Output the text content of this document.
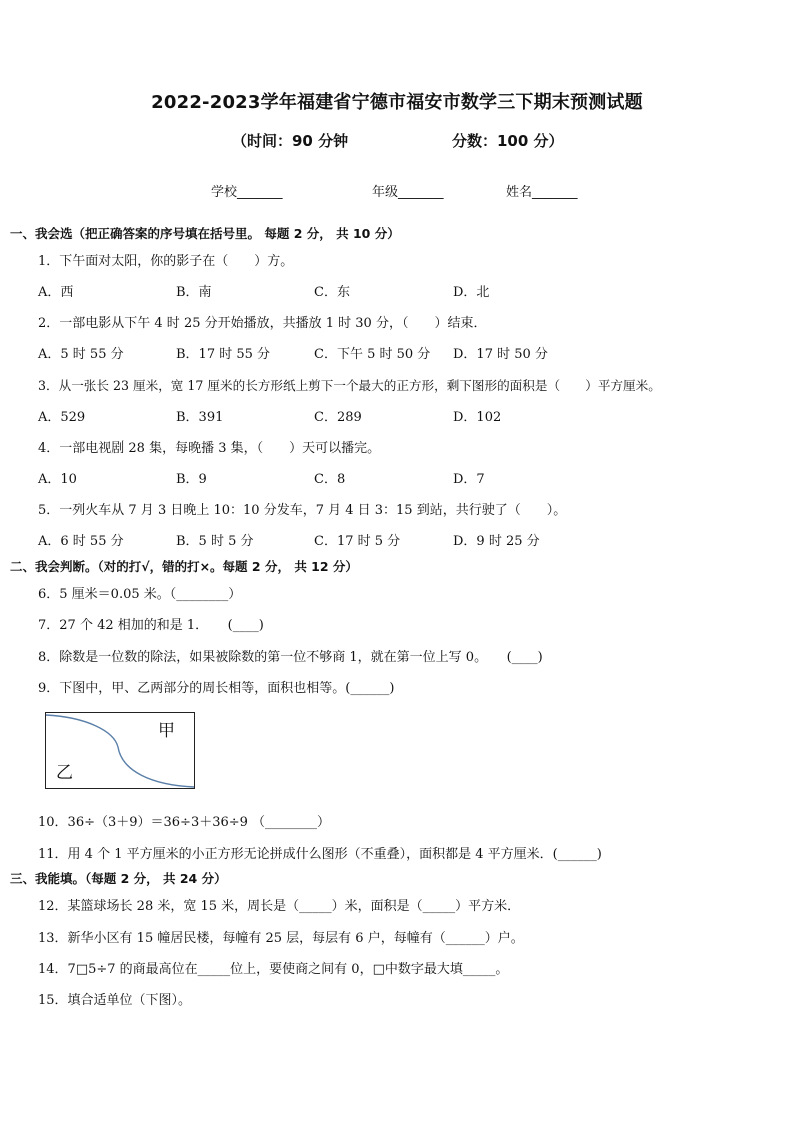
2022-2023学年福建省宁德市福安市数学三下期末预测试题
（时间：90 分钟	分数：100 分）
学校_______	年级_______	姓名_______
一、我会选（把正确答案的序号填在括号里。 每题 2 分， 共 10 分）
1．下午面对太阳，你的影子在（　　）方。
A．西	B．南	C．东	D．北
2．一部电影从下午 4 时 25 分开始播放，共播放 1 时 30 分，（　　）结束．
A．5 时 55 分	B．17 时 55 分	C．下午 5 时 50 分 D．17 时 50 分
3．从一张长 23 厘米，宽 17 厘米的长方形纸上剪下一个最大的正方形，剩下图形的面积是（　　）平方厘米。
A．529	B．391	C．289	D．102
4．一部电视剧 28 集，每晚播 3 集，（　　）天可以播完。
A．10	B．9	C．8	D．7
5．一列火车从 7 月 3 日晚上 10：10 分发车，7 月 4 日 3：15 到站，共行驶了（　　）。
A．6 时 55 分	B．5 时 5 分	C．17 时 5 分	D．9 时 25 分
二、我会判断。（对的打√，错的打×。每题 2 分， 共 12 分）
6．5 厘米＝0.05 米。（________）
7．27 个 42 相加的和是 1．　　(____)
8．除数是一位数的除法，如果被除数的第一位不够商 1，就在第一位上写 0。　　(____)
9．下图中，甲、乙两部分的周长相等，面积也相等。(______)
甲
乙
10．36÷（3＋9）＝36÷3＋36÷9 （________）
11．用 4 个 1 平方厘米的小正方形无论拼成什么图形（不重叠），面积都是 4 平方厘米．(______)
三、我能填。（每题 2 分， 共 24 分）
12．某篮球场长 28 米，宽 15 米，周长是（_____）米，面积是（_____）平方米．
13．新华小区有 15 幢居民楼，每幢有 25 层，每层有 6 户，每幢有（______）户。
14．7□5÷7 的商最高位在_____位上，要使商之间有 0，□中数字最大填_____。
15．填合适单位（下图）。
